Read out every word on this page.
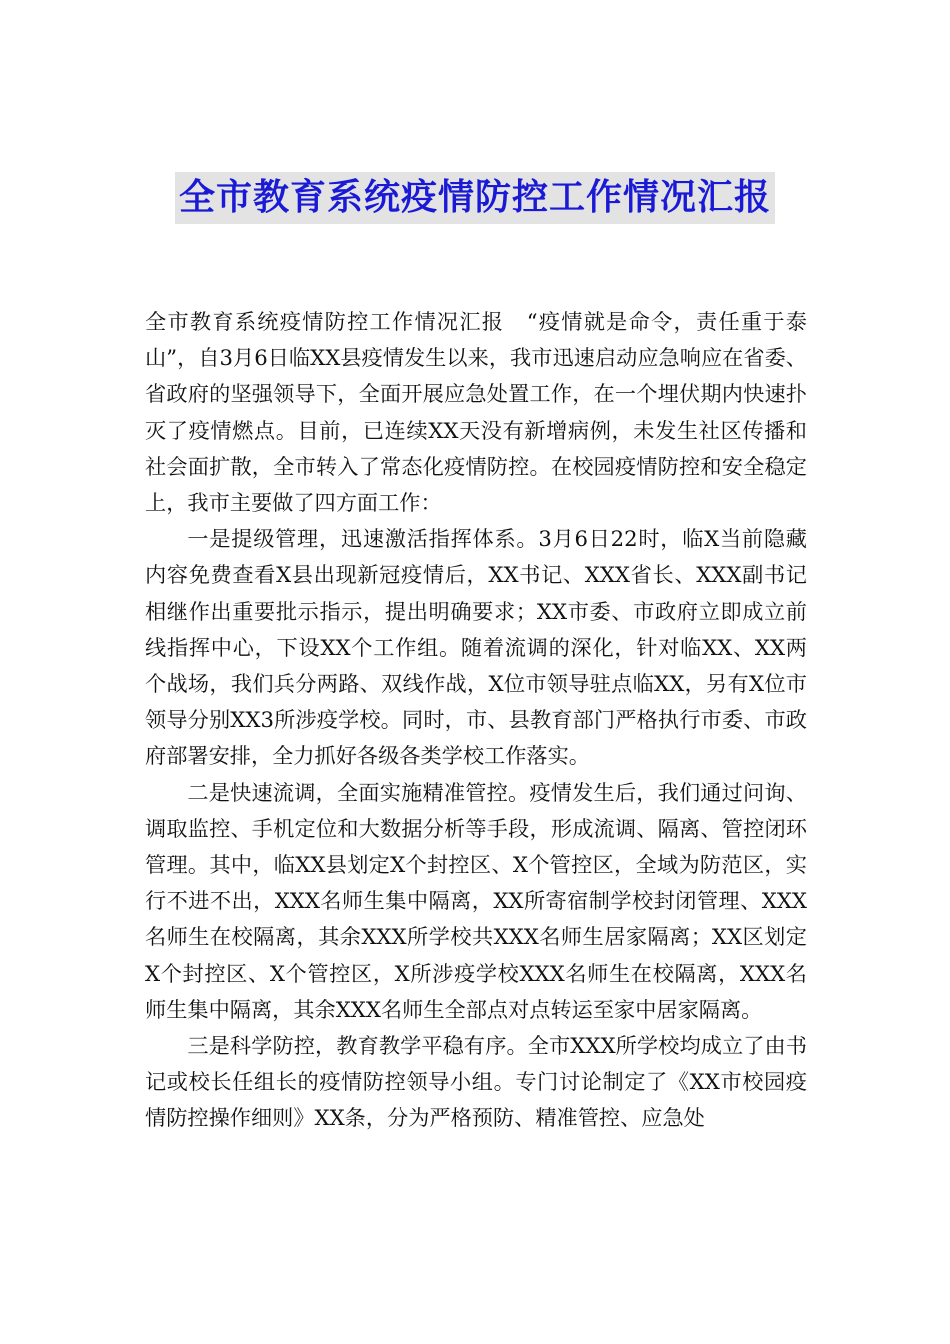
全市教育系统疫情防控工作情况汇报

全市教育系统疫情防控工作情况汇报　“疫情就是命令，责任重于泰山”，自3月6日临XX县疫情发生以来，我市迅速启动应急响应在省委、省政府的坚强领导下，全面开展应急处置工作，在一个埋伏期内快速扑灭了疫情燃点。目前，已连续XX天没有新增病例，未发生社区传播和社会面扩散，全市转入了常态化疫情防控。在校园疫情防控和安全稳定上，我市主要做了四方面工作：

一是提级管理，迅速激活指挥体系。3月6日22时，临X当前隐藏内容免费查看X县出现新冠疫情后，XX书记、XXX省长、XXX副书记相继作出重要批示指示，提出明确要求；XX市委、市政府立即成立前线指挥中心，下设XX个工作组。随着流调的深化，针对临XX、XX两个战场，我们兵分两路、双线作战，X位市领导驻点临XX，另有X位市领导分别XX3所涉疫学校。同时，市、县教育部门严格执行市委、市政府部署安排，全力抓好各级各类学校工作落实。

二是快速流调，全面实施精准管控。疫情发生后，我们通过问询、调取监控、手机定位和大数据分析等手段，形成流调、隔离、管控闭环管理。其中，临XX县划定X个封控区、X个管控区，全域为防范区，实行不进不出，XXX名师生集中隔离，XX所寄宿制学校封闭管理、XXX名师生在校隔离，其余XXX所学校共XXX名师生居家隔离；XX区划定X个封控区、X个管控区，X所涉疫学校XXX名师生在校隔离，XXX名师生集中隔离，其余XXX名师生全部点对点转运至家中居家隔离。

三是科学防控，教育教学平稳有序。全市XXX所学校均成立了由书记或校长任组长的疫情防控领导小组。专门讨论制定了《XX市校园疫情防控操作细则》XX条，分为严格预防、精准管控、应急处
